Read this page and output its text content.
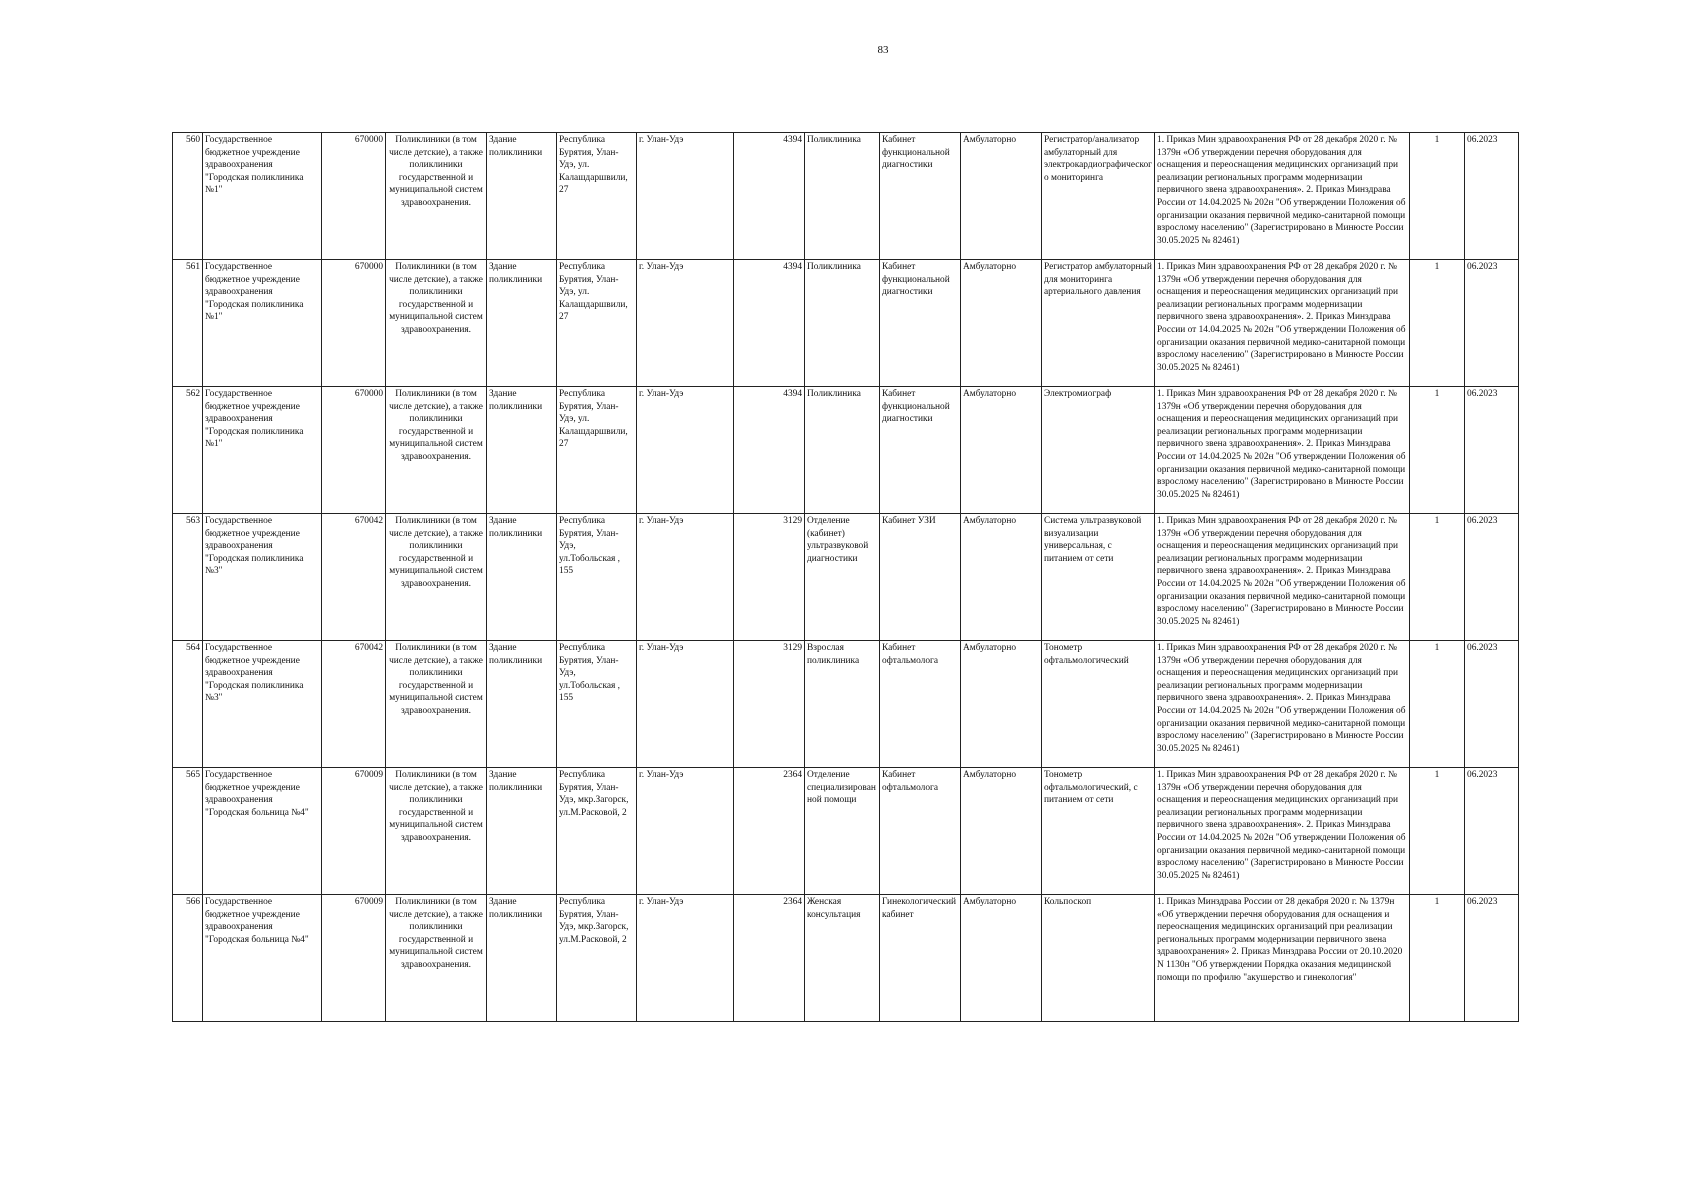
83
560	Государственное бюджетное учреждение здравоохранения "Городская поликлиника №1"	670000	Поликлиники (в том числе детские), а также поликлиники государственной и муниципальной систем здравоохранения.	Здание поликлиники	Республика Бурятия, Улан-Удэ, ул. Калашдаршвили, 27	г. Улан-Удэ	4394	Поликлиника	Кабинет функциональной диагностики	Амбулаторно	Регистратор/анализатор амбулаторный для электрокардиографического мониторинга	1. Приказ Мин здравоохранения РФ от 28 декабря 2020 г. № 1379н «Об утверждении перечня оборудования для оснащения и переоснащения медицинских организаций при реализации региональных программ модернизации первичного звена здравоохранения». 2. Приказ Минздрава России от 14.04.2025 № 202н "Об утверждении Положения об организации оказания первичной медико-санитарной помощи взрослому населению" (Зарегистрировано в Минюсте России 30.05.2025 № 82461)	1	06.2023
561	Государственное бюджетное учреждение здравоохранения "Городская поликлиника №1"	670000	Поликлиники (в том числе детские), а также поликлиники государственной и муниципальной систем здравоохранения.	Здание поликлиники	Республика Бурятия, Улан-Удэ, ул. Калашдаршвили, 27	г. Улан-Удэ	4394	Поликлиника	Кабинет функциональной диагностики	Амбулаторно	Регистратор амбулаторный для мониторинга артериального давления	1. Приказ Мин здравоохранения РФ от 28 декабря 2020 г. № 1379н «Об утверждении перечня оборудования для оснащения и переоснащения медицинских организаций при реализации региональных программ модернизации первичного звена здравоохранения». 2. Приказ Минздрава России от 14.04.2025 № 202н "Об утверждении Положения об организации оказания первичной медико-санитарной помощи взрослому населению" (Зарегистрировано в Минюсте России 30.05.2025 № 82461)	1	06.2023
562	Государственное бюджетное учреждение здравоохранения "Городская поликлиника №1"	670000	Поликлиники (в том числе детские), а также поликлиники государственной и муниципальной систем здравоохранения.	Здание поликлиники	Республика Бурятия, Улан-Удэ, ул. Калашдаршвили, 27	г. Улан-Удэ	4394	Поликлиника	Кабинет функциональной диагностики	Амбулаторно	Электромиограф	1. Приказ Мин здравоохранения РФ от 28 декабря 2020 г. № 1379н «Об утверждении перечня оборудования для оснащения и переоснащения медицинских организаций при реализации региональных программ модернизации первичного звена здравоохранения». 2. Приказ Минздрава России от 14.04.2025 № 202н "Об утверждении Положения об организации оказания первичной медико-санитарной помощи взрослому населению" (Зарегистрировано в Минюсте России 30.05.2025 № 82461)	1	06.2023
563	Государственное бюджетное учреждение здравоохранения "Городская поликлиника №3"	670042	Поликлиники (в том числе детские), а также поликлиники государственной и муниципальной систем здравоохранения.	Здание поликлиники	Республика Бурятия, Улан-Удэ, ул.Тобольская , 155	г. Улан-Удэ	3129	Отделение (кабинет) ультразвуковой диагностики	Кабинет УЗИ	Амбулаторно	Система ультразвуковой визуализации универсальная, с питанием от сети	1. Приказ Мин здравоохранения РФ от 28 декабря 2020 г. № 1379н «Об утверждении перечня оборудования для оснащения и переоснащения медицинских организаций при реализации региональных программ модернизации первичного звена здравоохранения». 2. Приказ Минздрава России от 14.04.2025 № 202н "Об утверждении Положения об организации оказания первичной медико-санитарной помощи взрослому населению" (Зарегистрировано в Минюсте России 30.05.2025 № 82461)	1	06.2023
564	Государственное бюджетное учреждение здравоохранения "Городская поликлиника №3"	670042	Поликлиники (в том числе детские), а также поликлиники государственной и муниципальной систем здравоохранения.	Здание поликлиники	Республика Бурятия, Улан-Удэ, ул.Тобольская , 155	г. Улан-Удэ	3129	Взрослая поликлиника	Кабинет офтальмолога	Амбулаторно	Тонометр офтальмологический	1. Приказ Мин здравоохранения РФ от 28 декабря 2020 г. № 1379н «Об утверждении перечня оборудования для оснащения и переоснащения медицинских организаций при реализации региональных программ модернизации первичного звена здравоохранения». 2. Приказ Минздрава России от 14.04.2025 № 202н "Об утверждении Положения об организации оказания первичной медико-санитарной помощи взрослому населению" (Зарегистрировано в Минюсте России 30.05.2025 № 82461)	1	06.2023
565	Государственное бюджетное учреждение здравоохранения "Городская больница №4"	670009	Поликлиники (в том числе детские), а также поликлиники государственной и муниципальной систем здравоохранения.	Здание поликлиники	Республика Бурятия, Улан-Удэ, мкр.Загорск, ул.М.Расковой, 2	г. Улан-Удэ	2364	Отделение специализированной помощи	Кабинет офтальмолога	Амбулаторно	Тонометр офтальмологический, с питанием от сети	1. Приказ Мин здравоохранения РФ от 28 декабря 2020 г. № 1379н «Об утверждении перечня оборудования для оснащения и переоснащения медицинских организаций при реализации региональных программ модернизации первичного звена здравоохранения». 2. Приказ Минздрава России от 14.04.2025 № 202н "Об утверждении Положения об организации оказания первичной медико-санитарной помощи взрослому населению" (Зарегистрировано в Минюсте России 30.05.2025 № 82461)	1	06.2023
566	Государственное бюджетное учреждение здравоохранения "Городская больница №4"	670009	Поликлиники (в том числе детские), а также поликлиники государственной и муниципальной систем здравоохранения.	Здание поликлиники	Республика Бурятия, Улан-Удэ, мкр.Загорск, ул.М.Расковой, 2	г. Улан-Удэ	2364	Женская консультация	Гинекологический кабинет	Амбулаторно	Кольпоскоп	1. Приказ Минздрава России от 28 декабря 2020 г. № 1379н «Об утверждении перечня оборудования для оснащения и переоснащения медицинских организаций при реализации региональных программ модернизации первичного звена здравоохранения» 2. Приказ Минздрава России от 20.10.2020 N 1130н "Об утверждении Порядка оказания медицинской помощи по профилю "акушерство и гинекология"	1	06.2023
